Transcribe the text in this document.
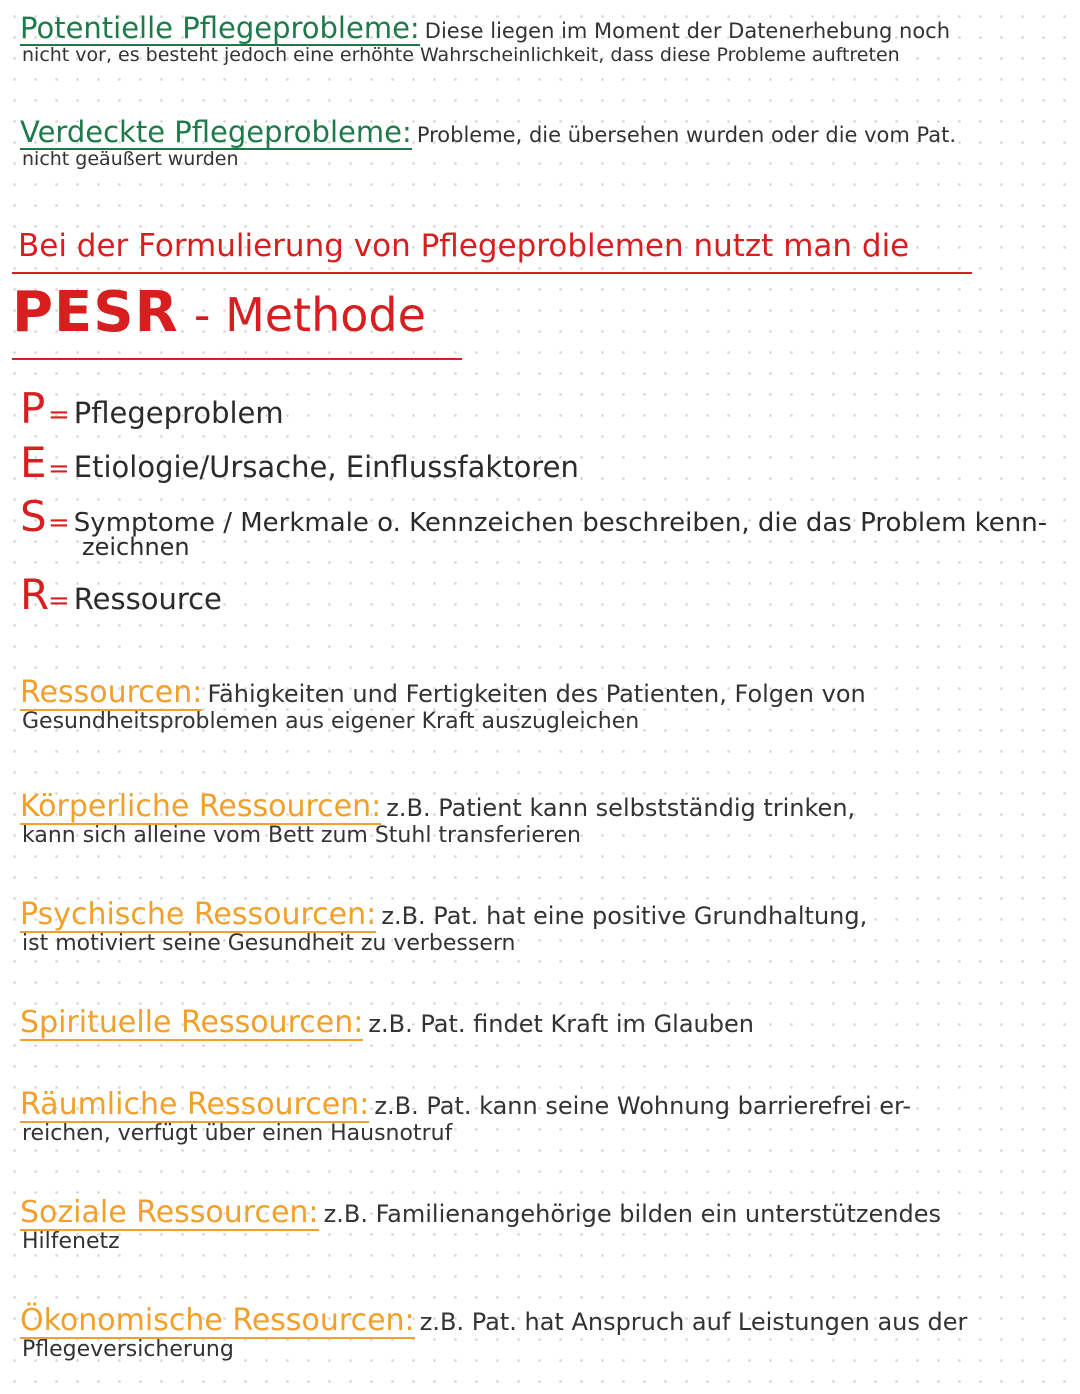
Potentielle Pflegeprobleme: Diese liegen im Moment der Datenerhebung noch
nicht vor, es besteht jedoch eine erhöhte Wahrscheinlichkeit, dass diese Probleme auftreten
Verdeckte Pflegeprobleme: Probleme, die übersehen wurden oder die vom Pat.
nicht geäußert wurden
Bei der Formulierung von Pflegeproblemen nutzt man die
PESR - Methode
P = Pflegeproblem
E= Etiologie/Ursache, Einflussfaktoren
S= Symptome / Merkmale o. Kennzeichen beschreiben, die das Problem kenn-
zeichnen
R= Ressource
Ressourcen: Fähigkeiten und Fertigkeiten des Patienten, Folgen von
Gesundheitsproblemen aus eigener Kraft auszugleichen
Körperliche Ressourcen: z.B. Patient kann selbstständig trinken,
kann sich alleine vom Bett zum Stuhl transferieren
Psychische Ressourcen: z.B. Pat. hat eine positive Grundhaltung,
ist motiviert seine Gesundheit zu verbessern
Spirituelle Ressourcen: z.B. Pat. findet Kraft im Glauben
Räumliche Ressourcen: z.B. Pat. kann seine Wohnung barrierefrei er-
reichen, verfügt über einen Hausnotruf
Soziale Ressourcen: z.B. Familienangehörige bilden ein unterstützendes
Hilfenetz
Ökonomische Ressourcen: z.B. Pat. hat Anspruch auf Leistungen aus der
Pflegeversicherung
